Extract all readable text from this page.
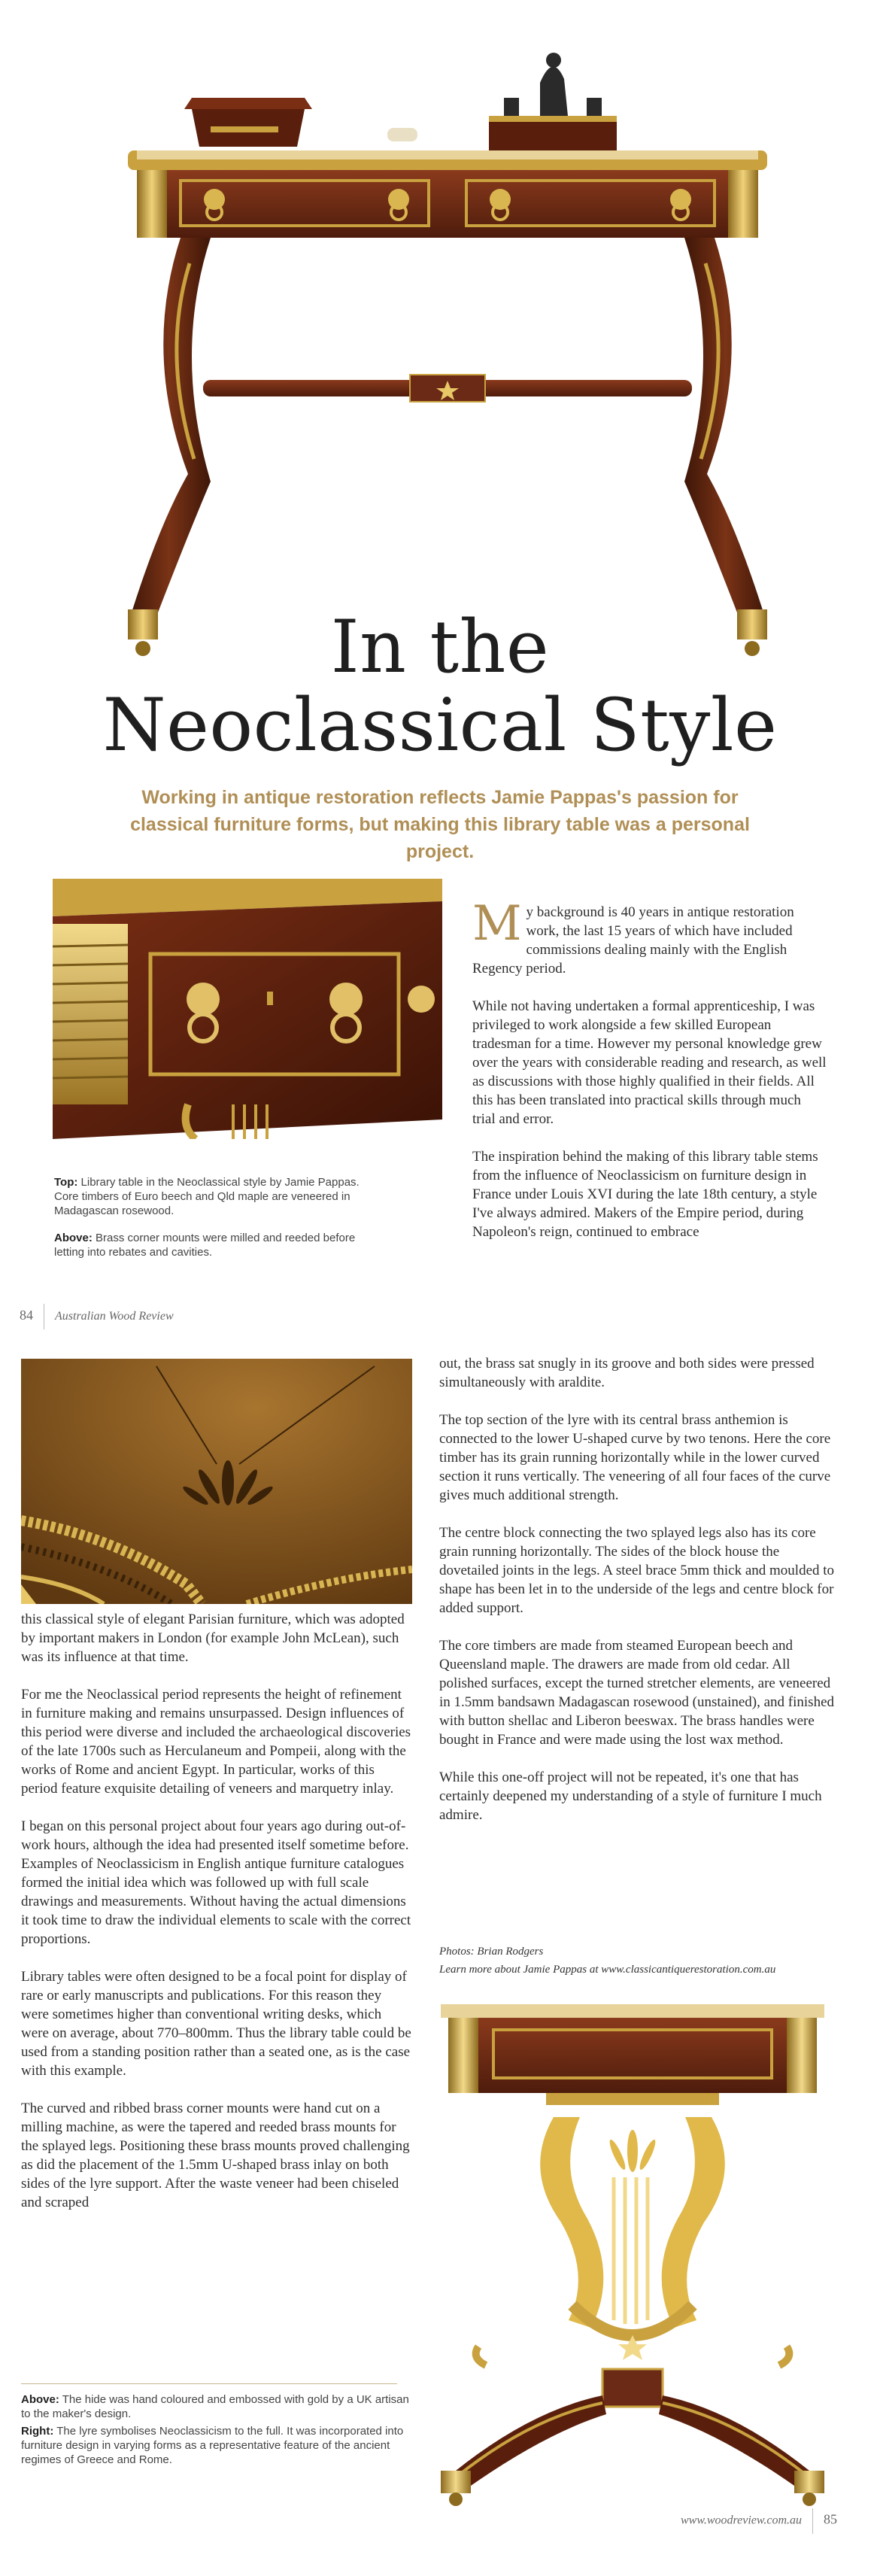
In the
Neoclassical Style
Working in antique restoration reflects Jamie Pappas's passion for classical furniture forms, but making this library table was a personal project.
Top: Library table in the Neoclassical style by Jamie Pappas. Core timbers of Euro beech and Qld maple are veneered in Madagascan rosewood.
Above: Brass corner mounts were milled and reeded before letting into rebates and cavities.

My background is 40 years in antique restoration work, the last 15 years of which have included commissions dealing mainly with the English Regency period.

While not having undertaken a formal apprenticeship, I was privileged to work alongside a few skilled European tradesman for a time. However my personal knowledge grew over the years with considerable reading and research, as well as discussions with those highly qualified in their fields. All this has been translated into practical skills through much trial and error.

The inspiration behind the making of this library table stems from the influence of Neoclassicism on furniture design in France under Louis XVI during the late 18th century, a style I've always admired. Makers of the Empire period, during Napoleon's reign, continued to embrace

84 Australian Wood Review

this classical style of elegant Parisian furniture, which was adopted by important makers in London (for example John McLean), such was its influence at that time.

For me the Neoclassical period represents the height of refinement in furniture making and remains unsurpassed. Design influences of this period were diverse and included the archaeological discoveries of the late 1700s such as Herculaneum and Pompeii, along with the works of Rome and ancient Egypt. In particular, works of this period feature exquisite detailing of veneers and marquetry inlay.

I began on this personal project about four years ago during out-of-work hours, although the idea had presented itself sometime before. Examples of Neoclassicism in English antique furniture catalogues formed the initial idea which was followed up with full scale drawings and measurements. Without having the actual dimensions it took time to draw the individual elements to scale with the correct proportions.

Library tables were often designed to be a focal point for display of rare or early manuscripts and publications. For this reason they were sometimes higher than conventional writing desks, which were on average, about 770–800mm. Thus the library table could be used from a standing position rather than a seated one, as is the case with this example.

The curved and ribbed brass corner mounts were hand cut on a milling machine, as were the tapered and reeded brass mounts for the splayed legs. Positioning these brass mounts proved challenging as did the placement of the 1.5mm U-shaped brass inlay on both sides of the lyre support. After the waste veneer had been chiseled and scraped

Above: The hide was hand coloured and embossed with gold by a UK artisan to the maker's design.
Right: The lyre symbolises Neoclassicism to the full. It was incorporated into furniture design in varying forms as a representative feature of the ancient regimes of Greece and Rome.

out, the brass sat snugly in its groove and both sides were pressed simultaneously with araldite.

The top section of the lyre with its central brass anthemion is connected to the lower U-shaped curve by two tenons. Here the core timber has its grain running horizontally while in the lower curved section it runs vertically. The veneering of all four faces of the curve gives much additional strength.

The centre block connecting the two splayed legs also has its core grain running horizontally. The sides of the block house the dovetailed joints in the legs. A steel brace 5mm thick and moulded to shape has been let in to the underside of the legs and centre block for added support.

The core timbers are made from steamed European beech and Queensland maple. The drawers are made from old cedar. All polished surfaces, except the turned stretcher elements, are veneered in 1.5mm bandsawn Madagascan rosewood (unstained), and finished with button shellac and Liberon beeswax. The brass handles were bought in France and were made using the lost wax method.

While this one-off project will not be repeated, it's one that has certainly deepened my understanding of a style of furniture I much admire.

Photos: Brian Rodgers
Learn more about Jamie Pappas at www.classicantiquerestoration.com.au
www.woodreview.com.au 85
